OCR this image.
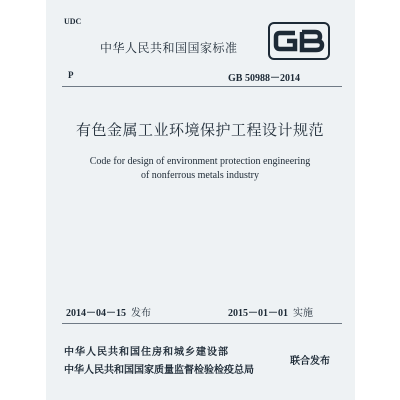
UDC
中华人民共和国国家标准
P	GB 50988－2014
有色金属工业环境保护工程设计规范
Code for design of environment protection engineering
of nonferrous metals industry
2014－04－15 发布	2015－01－01 实施
中华人民共和国住房和城乡建设部
中华人民共和国国家质量监督检验检疫总局
联合发布
